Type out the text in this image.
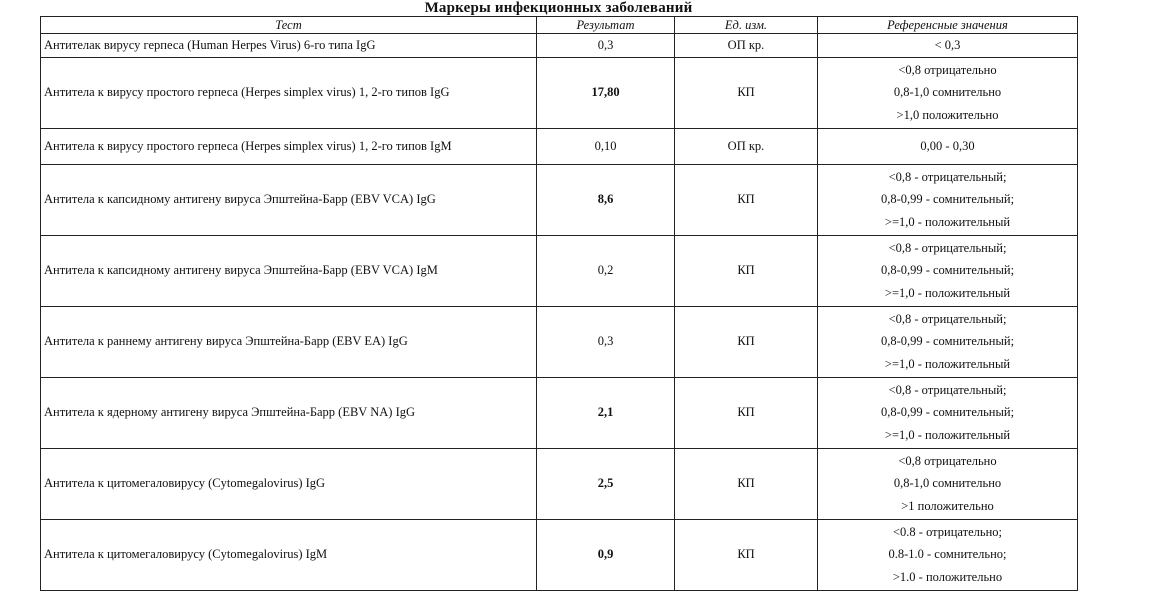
Маркеры инфекционных заболеваний
Тест	Результат	Ед. изм.	Референсные значения
Антителак вирусу герпеса (Human Herpes Virus) 6-го типа IgG	0,3	ОП кр.	< 0,3

Антитела к вирусу простого герпеса (Herpes simplex virus) 1, 2-го типов IgG	17,80	КП	<0,8 отрицательно
0,8-1,0 сомнительно
>1,0 положительно

Антитела к вирусу простого герпеса (Herpes simplex virus) 1, 2-го типов IgM	0,10	ОП кр.	0,00 - 0,30

Антитела к капсидному антигену вируса Эпштейна-Барр (EBV VCA) IgG	8,6	КП	<0,8 - отрицательный;
0,8-0,99 - сомнительный;
>=1,0 - положительный

Антитела к капсидному антигену вируса Эпштейна-Барр (EBV VCA) IgM	0,2	КП	<0,8 - отрицательный;
0,8-0,99 - сомнительный;
>=1,0 - положительный

Антитела к раннему антигену вируса Эпштейна-Барр (EBV EA) IgG	0,3	КП	<0,8 - отрицательный;
0,8-0,99 - сомнительный;
>=1,0 - положительный

Антитела к ядерному антигену вируса Эпштейна-Барр (EBV NA) IgG	2,1	КП	<0,8 - отрицательный;
0,8-0,99 - сомнительный;
>=1,0 - положительный

Антитела к цитомегаловирусу (Cytomegalovirus) IgG	2,5	КП	<0,8 отрицательно
0,8-1,0 сомнительно
>1 положительно

Антитела к цитомегаловирусу (Cytomegalovirus) IgM	0,9	КП	<0.8 - отрицательно;
0.8-1.0 - сомнительно;
>1.0 - положительно
